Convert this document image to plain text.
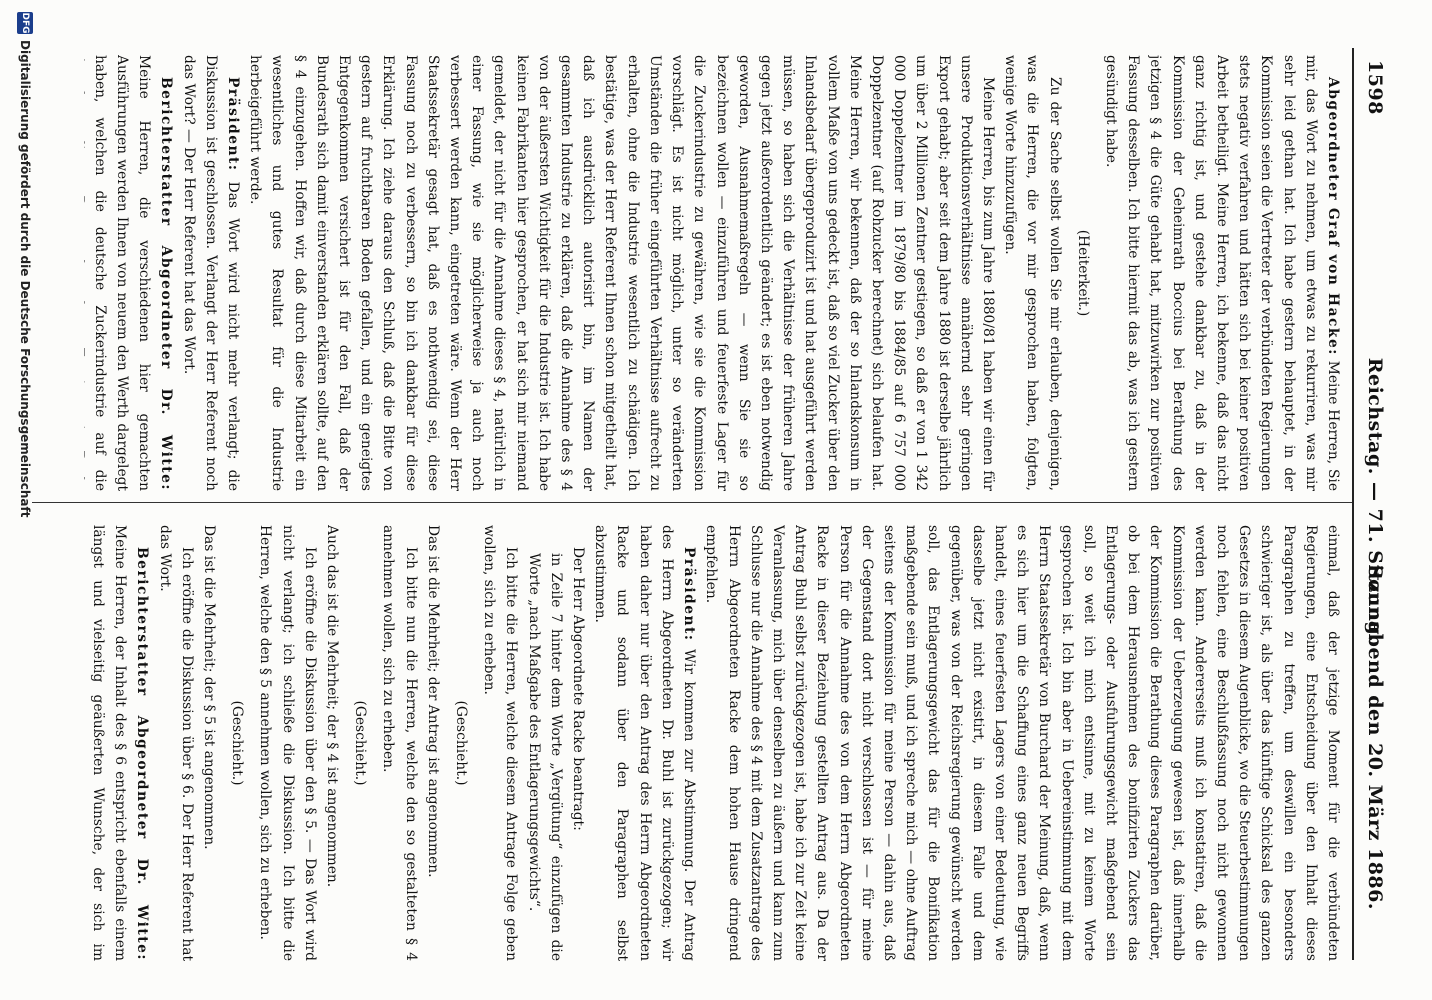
1598
Reichstag. — 71. Sitzung.
Sonnabend den 20. März 1886.

Abgeordneter Graf von Hacke: Meine Herren, Sie mir, das Wort zu nehmen, um etwas zu rekurriren, was mir sehr leid gethan hat. Ich habe gestern behauptet, in der Kommission seien die Vertreter der verbündeten Regierungen stets negativ verfahren und hätten sich bei keiner positiven Arbeit betheiligt. Meine Herren, ich bekenne, daß das nicht ganz richtig ist, und gestehe dankbar zu, daß in der Kommission der Geheimrath Boccius bei Berathung des jetzigen § 4 die Güte gehabt hat, mitzuwirken zur positiven Fassung desselben. Ich bitte hiermit das ab, was ich gestern gesündigt habe.

(Heiterkeit.)

Zu der Sache selbst wollen Sie mir erlauben, denjenigen, was die Herren, die vor mir gesprochen haben, folgten, wenige Worte hinzuzufügen.

Meine Herren, bis zum Jahre 1880/81 haben wir einen für unsere Produktionsverhältnisse annähernd sehr geringen Export gehabt; aber seit dem Jahre 1880 ist derselbe jährlich um über 2 Millionen Zentner gestiegen, so daß er von 1 342 000 Doppelzentner im 1879/80 bis 1884/85 auf 6 757 000 Doppelzentner (auf Rohzucker berechnet) sich belaufen hat. Meine Herren, wir bekennen, daß der so Inlandskonsum in vollem Maße von uns gedeckt ist, daß so viel Zucker über den Inlandsbedarf übergeproduzirt ist und hat ausgeführt werden müssen, so haben sich die Verhältnisse der früheren Jahre gegen jetzt außerordentlich geändert; es ist eben notwendig geworden, Ausnahmemaßregeln — wenn Sie sie so bezeichnen wollen — einzuführen und feuerfeste Lager für die Zuckerindustrie zu gewähren, wie sie die Kommission vorschlägt. Es ist nicht möglich, unter so veränderten Umständen die früher eingeführten Verhältnisse aufrecht zu erhalten, ohne die Industrie wesentlich zu schädigen. Ich bestätige, was der Herr Referent Ihnen schon mitgetheilt hat, daß ich ausdrücklich autorisirt bin, im Namen der gesammten Industrie zu erklären, daß die Annahme des § 4 von der äußersten Wichtigkeit für die Industrie ist. Ich habe keinen Fabrikanten hier gesprochen, er hat sich mir niemand gemeldet, der nicht für die Annahme dieses § 4, natürlich in einer Fassung, wie sie möglicherweise ja auch noch verbessert werden kann, eingetreten wäre. Wenn der Herr Staatssekretär gesagt hat, daß es nothwendig sei, diese Fassung noch zu verbessern, so bin ich dankbar für diese Erklärung. Ich ziehe daraus den Schluß, daß die Bitte von gestern auf fruchtbaren Boden gefallen, und ein geneigtes Entgegenkommen versichert ist für den Fall, daß der Bundesrath sich damit einverstanden erklären sollte, auf den § 4 einzugehen. Hoffen wir, daß durch diese Mitarbeit ein wesentliches und gutes Resultat für die Industrie herbeigeführt werde.

Präsident: Das Wort wird nicht mehr verlangt; die Diskussion ist geschlossen. Verlangt der Herr Referent noch das Wort? — Der Herr Referent hat das Wort.

Berichterstatter Abgeordneter Dr. Witte: Meine Herren, die verschiedenen hier gemachten Ausführungen werden Ihnen von neuem den Werth dargelegt haben, welchen die deutsche Zuckerindustrie auf die

einmal, daß der jetzige Moment für die verbündeten Regierungen, eine Entscheidung über den Inhalt dieses Paragraphen zu treffen, um deswillen ein besonders schwieriger ist, als über das künftige Schicksal des ganzen Gesetzes in diesem Augenblicke, wo die Steuerbestimmungen noch fehlen, eine Beschlußfassung noch nicht gewonnen werden kann. Andererseits muß ich konstatiren, daß die Kommission der Ueberzeugung gewesen ist, daß innerhalb der Kommission die Berathung dieses Paragraphen darüber, ob bei dem Herausnehmen des bonifizirten Zuckers das Entlagerungs- oder Ausfuhrungsgewicht maßgebend sein soll, so weit ich mich entsinne, mit zu keinem Worte gesprochen ist. Ich bin aber in Uebereinstimmung mit dem Herrn Staatssekretär von Burchard der Meinung, daß, wenn es sich hier um die Schaffung eines ganz neuen Begriffs handelt, eines feuerfesten Lagers von einer Bedeutung, wie dasselbe jetzt nicht existirt, in diesem Falle und dem gegenüber, was von der Reichsregierung gewünscht werden soll, das Entlagerungsgewicht das für die Bonifikation maßgebende sein muß, und ich spreche mich — ohne Auftrag seitens der Kommission für meine Person — dahin aus, daß der Gegenstand dort nicht verschlossen ist — für meine Person für die Annahme des von dem Herrn Abgeordneten Racke in dieser Beziehung gestellten Antrag aus. Da der Antrag Buhl selbst zurückgezogen ist, habe ich zur Zeit keine Veranlassung, mich über denselben zu äußern und kann zum Schlusse nur die Annahme des § 4 mit dem Zusatzantrage des Herrn Abgeordneten Racke dem hohen Hause dringend empfehlen.

Präsident: Wir kommen zur Abstimmung. Der Antrag des Herrn Abgeordneten Dr. Buhl ist zurückgezogen; wir haben daher nur über den Antrag des Herrn Abgeordneten Racke und sodann über den Paragraphen selbst abzustimmen.

Der Herr Abgeordnete Racke beantragt:

in Zeile 7 hinter dem Worte „Vergütung“ einzufügen die Worte „nach Maßgabe des Entlagerungsgewichts“.

Ich bitte die Herren, welche diesem Antrage Folge geben wollen, sich zu erheben.

(Geschieht.)

Das ist die Mehrheit; der Antrag ist angenommen.

Ich bitte nun die Herren, welche den so gestalteten § 4 annehmen wollen, sich zu erheben.

(Geschieht.)

Auch das ist die Mehrheit; der § 4 ist angenommen.

Ich eröffne die Diskussion über den § 5. — Das Wort wird nicht verlangt; ich schließe die Diskussion. Ich bitte die Herren, welche den § 5 annehmen wollen, sich zu erheben.

(Geschieht.)

Das ist die Mehrheit; der § 5 ist angenommen.

Ich eröffne die Diskussion über § 6. Der Herr Referent hat das Wort.

Berichterstatter Abgeordneter Dr. Witte: Meine Herren, der Inhalt des § 6 entspricht ebenfalls einem längst und vielseitig geäußerten Wunsche, der sich im

DFG
Digitalisierung gefördert durch die Deutsche Forschungsgemeinschaft
